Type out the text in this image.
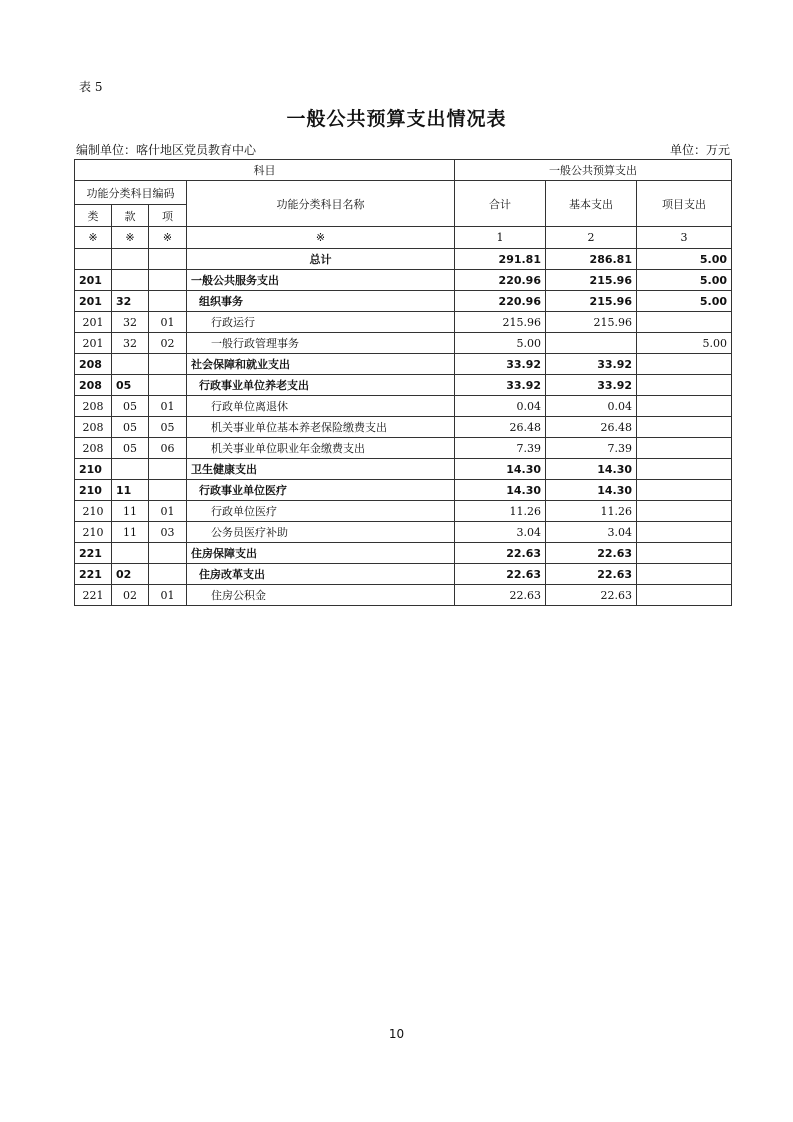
表 5
一般公共预算支出情况表
编制单位：喀什地区党员教育中心	单位：万元
科目				一般公共预算支出		
功能分类科目编码			功能分类科目名称	合计	基本支出	项目支出
类	款	项				
※	※	※	※	1	2	3
			总计	291.81	286.81	5.00
201			一般公共服务支出	220.96	215.96	5.00
201	32		组织事务	220.96	215.96	5.00
201	32	01	行政运行	215.96	215.96	
201	32	02	一般行政管理事务	5.00		5.00
208			社会保障和就业支出	33.92	33.92	
208	05		行政事业单位养老支出	33.92	33.92	
208	05	01	行政单位离退休	0.04	0.04	
208	05	05	机关事业单位基本养老保险缴费支出	26.48	26.48	
208	05	06	机关事业单位职业年金缴费支出	7.39	7.39	
210			卫生健康支出	14.30	14.30	
210	11		行政事业单位医疗	14.30	14.30	
210	11	01	行政单位医疗	11.26	11.26	
210	11	03	公务员医疗补助	3.04	3.04	
221			住房保障支出	22.63	22.63	
221	02		住房改革支出	22.63	22.63	
221	02	01	住房公积金	22.63	22.63	
10
